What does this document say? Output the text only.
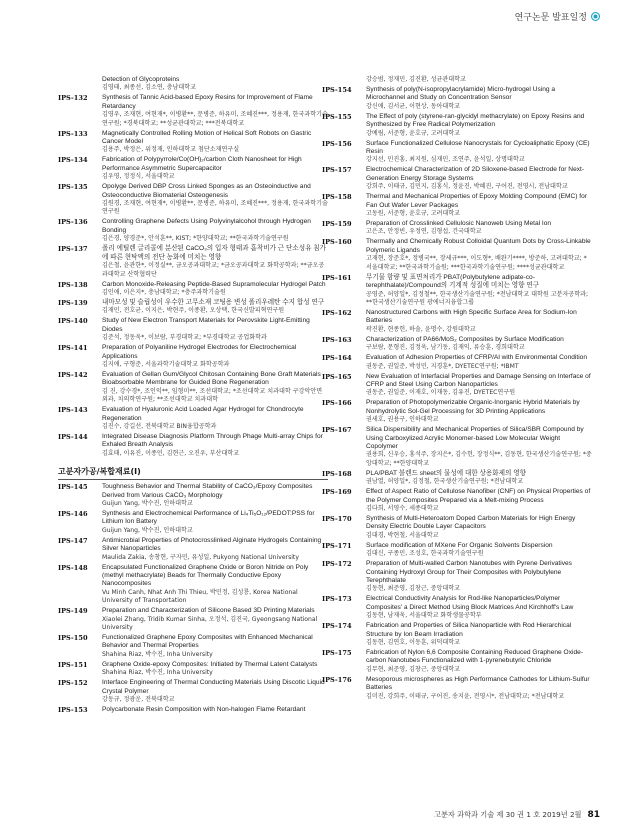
연구논문 발표일정
Detection of Glycoproteins
김영태, 최종선, 김소연, 충남대학교
IPS-132	Synthesis of Tannic Acid-based Epoxy Resins for Improvement of Flame Retardancy
김영우, 조재현, 여현재*, 이병환**, 문병준, 하유미, 조혜진***, 정용재, 한국과학기술연구원; *경북대학교; **성균관대학교; ***전북대학교
IPS-133	Magnetically Controlled Rolling Motion of Helical Soft Robots on Gastric Cancer Model
김용주, 박정은, 위정재, 인하대학교 첨단소재연구실
IPS-134	Fabrication of Polypyrrole/Co(OH)₂/carbon Cloth Nanosheet for High Performance Asymmetric Supercapacitor
김우영, 정정식, 서울대학교
IPS-135	Opolyge Derived DBP Cross Linked Sponges as an Osteoinductive and Osteoconductive Biomaterial Osteogenesis
김원경, 조재현, 여현재*, 이병환**, 문병준, 하유미, 조혜진***, 정용재, 한국과학기술연구원
IPS-136	Controlling Graphene Defects Using Polyvinylalcohol through Hydrogen Bonding
김은경, 양경준*, 안석훈**, KIST; *한양대학교; **한국과학기술연구원
IPS-137	폴리 에틸렌 글리콜에 분산된 CaCO₃의 입자 형태과 흡착비가 근 단소성유 침가에 따른 현탁액의 전단 농화에 미치는 영향
김은철, 윤관한*, 이정실**, 금오공과대학교; *금오공과대학교 화학공학과; **금오공과대학교 산학협력단
IPS-138	Carbon Monoxide-Releasing Peptide-Based Supramolecular Hydrogel Patch
김인애, 이은지*, 충남대학교; *충주과학기술원
IPS-139	내마모성 및 슬립성이 우수한 고무소재 코팅용 변성 폴리우레탄 수지 합성 연구
김재민, 전호균, 이지은, 박현주, 이종환, 오상택, 한국신발피혁연구원
IPS-140	Study of New Electron Transport Materials for Perovskite Light-Emitting Diodes
김준석, 정동욱*, 이보람, 부경대학교; *부경대학교 공업화학과
IPS-141	Preparation of Polyaniline Hydrogel Electrodes for Electrochemical Applications
김지애, 구형준, 서울과학기술대학교 화학공학과
IPS-142	Evaluation of Gellan Gum/Glycol Chitosan Containing Bone Graft Materials Bioabsorbable Membrane for Guided Bone Regeneration
김 진, 강수경*, 조인익**, 임형미**, 조선대학교; *조선대학교 치과대학 구강악안면외과, 치의학연구원; **조선대학교 치과대학
IPS-143	Evaluation of Hyaluronic Acid Loaded Agar Hydrogel for Chondrocyte Regeneration
김진수, 강길선, 전북대학교 BIN융합공학과
IPS-144	Integrated Disease Diagnosis Platform Through Phage Multi-array Chips for Exhaled Breath Analysis
김효태, 이유진, 이종민, 김현근, 오진우, 부산대학교
고분자가공/복합재료(I)
IPS-145	Toughness Behavior and Thermal Stability of CaCO₃/Epoxy Composites Derived from Various CaCO₃ Morphology
Guijun Yang, 박수진, 인하대학교
IPS-146	Synthesis and Electrochemical Performance of Li₄Ti₅O₁₂/PEDOT:PSS for Lithium Ion Battery
Guijun Yang, 박수진, 인하대학교
IPS-147	Antimicrobial Properties of Photocrosslinked Alginate Hydrogels Containing Silver Nanoparticles
Maulida Zakia, 송창현, 구자민, 유성일, Pukyong National University
IPS-148	Encapsulated Functionalized Graphene Oxide or Boron Nitride on Poly (methyl methacrylate) Beads for Thermally Conductive Epoxy Nanocomposites
Vu Minh Canh, Nhat Anh Thi Thieu, 박민정, 김성룡, Korea National University of Transportation
IPS-149	Preparation and Characterization of Silicone Based 3D Printing Materials
Xiaolei Zhang, Tridib Kumar Sinha, 오정석, 김진국, Gyeongsang National University
IPS-150	Functionalized Graphene Epoxy Composites with Enhanced Mechanical Behavior and Thermal Properties
Shahina Riaz, 박수진, Inha University
IPS-151	Graphene Oxide-epoxy Composites: Initiated by Thermal Latent Catalysts
Shahina Riaz, 박수진, Inha University
IPS-152	Interface Engineering of Thermal Conducting Materials Using Discotic Liquid Crystal Polymer
강동규, 정광운, 전북대학교
IPS-153	Polycarbonate Resin Composition with Non-halogen Flame Retardant
강승범, 정재민, 김진환, 성균관대학교
IPS-154	Synthesis of poly(N-isopropylacrylamide) Micro-hydrogel Using a Microchannel and Study on Concentration Sensor
강신애, 김서균, 이현상, 동아대학교
IPS-155	The Effect of poly (styrene-ran-glycidyl methacrylate) on Epoxy Resins and Synthesized by Free Radical Polymerization
강예림, 서준형, 윤호규, 고려대학교
IPS-156	Surface Functionalized Cellulose Nanocrystals for Cycloaliphatic Epoxy (CE) Resin
강지선, 민진홍, 최지원, 심재민, 조연주, 윤석일, 상명대학교
IPS-157	Electrochemical Characterization of 2D Siloxene-based Electrode for Next-Generation Energy Storage Systems
강희주, 이태규, 김민지, 김홍식, 정윤진, 박혜진, 구어진, 전영시, 전남대학교
IPS-158	Thermal and Mechanical Properties of Epoxy Molding Compound (EMC) for Fan Out Wafer Lever Packages
고동원, 서준형, 윤호규, 고려대학교
IPS-159	Preparation of Crosslinked Cellulosic Nanoweb Using Metal Ion
고은조, 안정빈, 우정연, 김형섭, 건국대학교
IPS-160	Thermally and Chemically Robust Colloidal Quantum Dots by Cross-Linkable Polymeric Ligands
고재현, 장준호*, 정병국**, 장세규***, 이도형*, 배완기****, 방준하, 고려대학교; *서울대학교; **한국과학기술원; ***한국과학기술연구원; ****성균관대학교
IPS-161	무기물 함량 및 표면처리가 PBAT(Polybutylene adipate-co-terephthalate)/Compound의 기계적 성질에 미치는 영향 연구
공영준, 허양일*, 김정철**, 한국생산기술연구원; *전남대학교 대학원 고분자공학과; **한국생산기술연구원 광에너지융합그룹
IPS-162	Nanostructured Carbons with High Specific Surface Area for Sodium-Ion Batteries
곽진환, 현종헌, 하솔, 윤명수, 강원대학교
IPS-163	Characterization of PA66/MoS₂ Composites by Surface Modification
구보람, 문형진, 김정욱, 남기동, 김재익, 류승훈, 경희대학교
IPS-164	Evaluation of Adhesion Properties of CFRP/Al with Environmental Condition
권동준, 권일준, 박성민, 지경훈*, DYETEC연구원; *IBMT
IPS-165	New Evaluation of Interfacial Properties and Damage Sensing on Interface of CFRP and Steel Using Carbon Nanoparticles
권동준, 권일준, 이재호, 이재동, 김유진, DYETEC연구원
IPS-166	Preparation of Photopolymerizable Organic-Inorganic Hybrid Materials by Nonhydrolytic Sol-Gel Processing for 3D Printing Applications
권세호, 권용구, 인하대학교
IPS-167	Silica Dispersibility and Mechanical Properties of Silica/SBR Compound by Using Carboxylized Acrylic Monomer-based Low Molecular Weight Copolymer
권용희, 신우승, 홍석주, 장지은*, 김수헌, 장정식**, 김동현, 한국생산기술연구원; *중앙대학교; **한양대학교
IPS-168	PLA/PBAT 블렌드 sheet의 물성에 대한 상용화제의 영향
권남열, 허양일*, 김정철, 한국생산기술연구원; *전남대학교
IPS-169	Effect of Aspect Ratio of Cellulose Nanofiber (CNF) on Physical Properties of the Polymer Composites Prepared via a Melt-mixing Process
김다희, 서영수, 세종대학교
IPS-170	Synthesis of Multi-Heteroatom Doped Carbon Materials for High Energy Density Electric Double Layer Capacitors
김대경, 박현철, 서울대학교
IPS-171	Surface modification of MXene For Organic Solvents Dispersion
김대신, 구종민, 조성호, 한국과학기술연구원
IPS-172	Preparation of Multi-walled Carbon Nanotubes with Pyrene Derivatives Containing Hydroxyl Group for Their Composites with Polybutylene Terephthalate
김동현, 최준영, 김창근, 중앙대학교
IPS-173	Electrical Conductivity Analysis for Rod-like Nanoparticles/Polymer Composites' a Direct Method Using Block Matrices And Kirchhoff's Law
김동현, 남재욱, 서울대학교 화학생물공학부
IPS-174	Fabrication and Properties of Silica Nanoparticle with Rod Hierarchical Structure by Ion Beam Irradiation
김동현, 김연호, 이동훈, 위덕대학교
IPS-175	Fabrication of Nylon 6,6 Composite Containing Reduced Graphene Oxide-carbon Nanotubes Functionalized with 1-pyrenebutyric Chloride
김무현, 최준영, 김창근, 중앙대학교
IPS-176	Mesoporous microspheres as High Performance Cathodes for Lithium-Sulfur Batteries
김미진, 강희주, 이태규, 구어진, 송지윤, 전영시*, 전남대학교; *전남대학교
고분자 과학과 기술 제 30 권 1 호 2019년 2월 81
